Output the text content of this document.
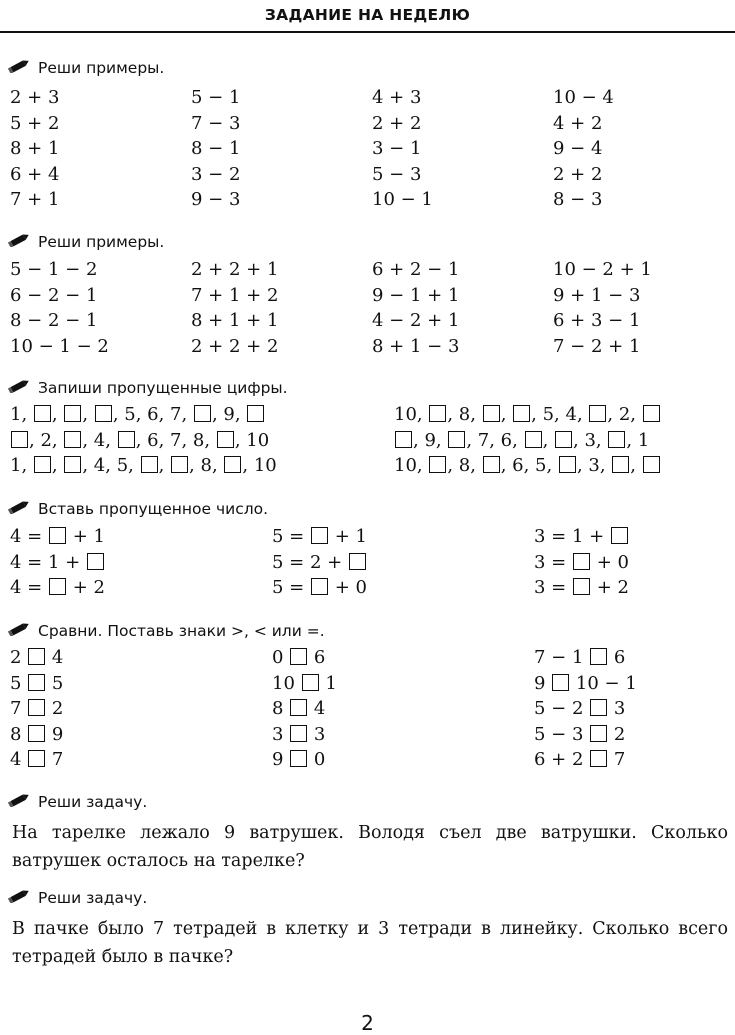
ЗАДАНИЕ НА НЕДЕЛЮ
Реши примеры.
2 + 3	5 − 1	4 + 3	10 − 4
5 + 2	7 − 3	2 + 2	4 + 2
8 + 1	8 − 1	3 − 1	9 − 4
6 + 4	3 − 2	5 − 3	2 + 2
7 + 1	9 − 3	10 − 1	8 − 3
Реши примеры.
5 − 1 − 2	2 + 2 + 1	6 + 2 − 1	10 − 2 + 1
6 − 2 − 1	7 + 1 + 2	9 − 1 + 1	9 + 1 − 3
8 − 2 − 1	8 + 1 + 1	4 − 2 + 1	6 + 3 − 1
10 − 1 − 2	2 + 2 + 2	8 + 1 − 3	7 − 2 + 1
Запиши пропущенные цифры.
1, , , , 5, 6, 7, , 9,	10, , 8, , , 5, 4, , 2,
, 2, , 4, , 6, 7, 8, , 10	, 9, , 7, 6, , , 3, , 1
1, , , 4, 5, , , 8, , 10	10, , 8, , 6, 5, , 3, ,
Вставь пропущенное число.
4 =  + 1	5 =  + 1	3 = 1 +
4 = 1 +	5 = 2 +	3 =  + 0
4 =  + 2	5 =  + 0	3 =  + 2
Сравни. Поставь знаки >, < или =.
2  4	0  6	7 − 1  6
5  5	10  1	9  10 − 1
7  2	8  4	5 − 2  3
8  9	3  3	5 − 3  2
4  7	9  0	6 + 2  7
Реши задачу.
На тарелке лежало 9 ватрушек. Володя съел две ватрушки. Сколько ватрушек осталось на тарелке?
Реши задачу.
В пачке было 7 тетрадей в клетку и 3 тетради в линейку. Сколько всего тетрадей было в пачке?
2
